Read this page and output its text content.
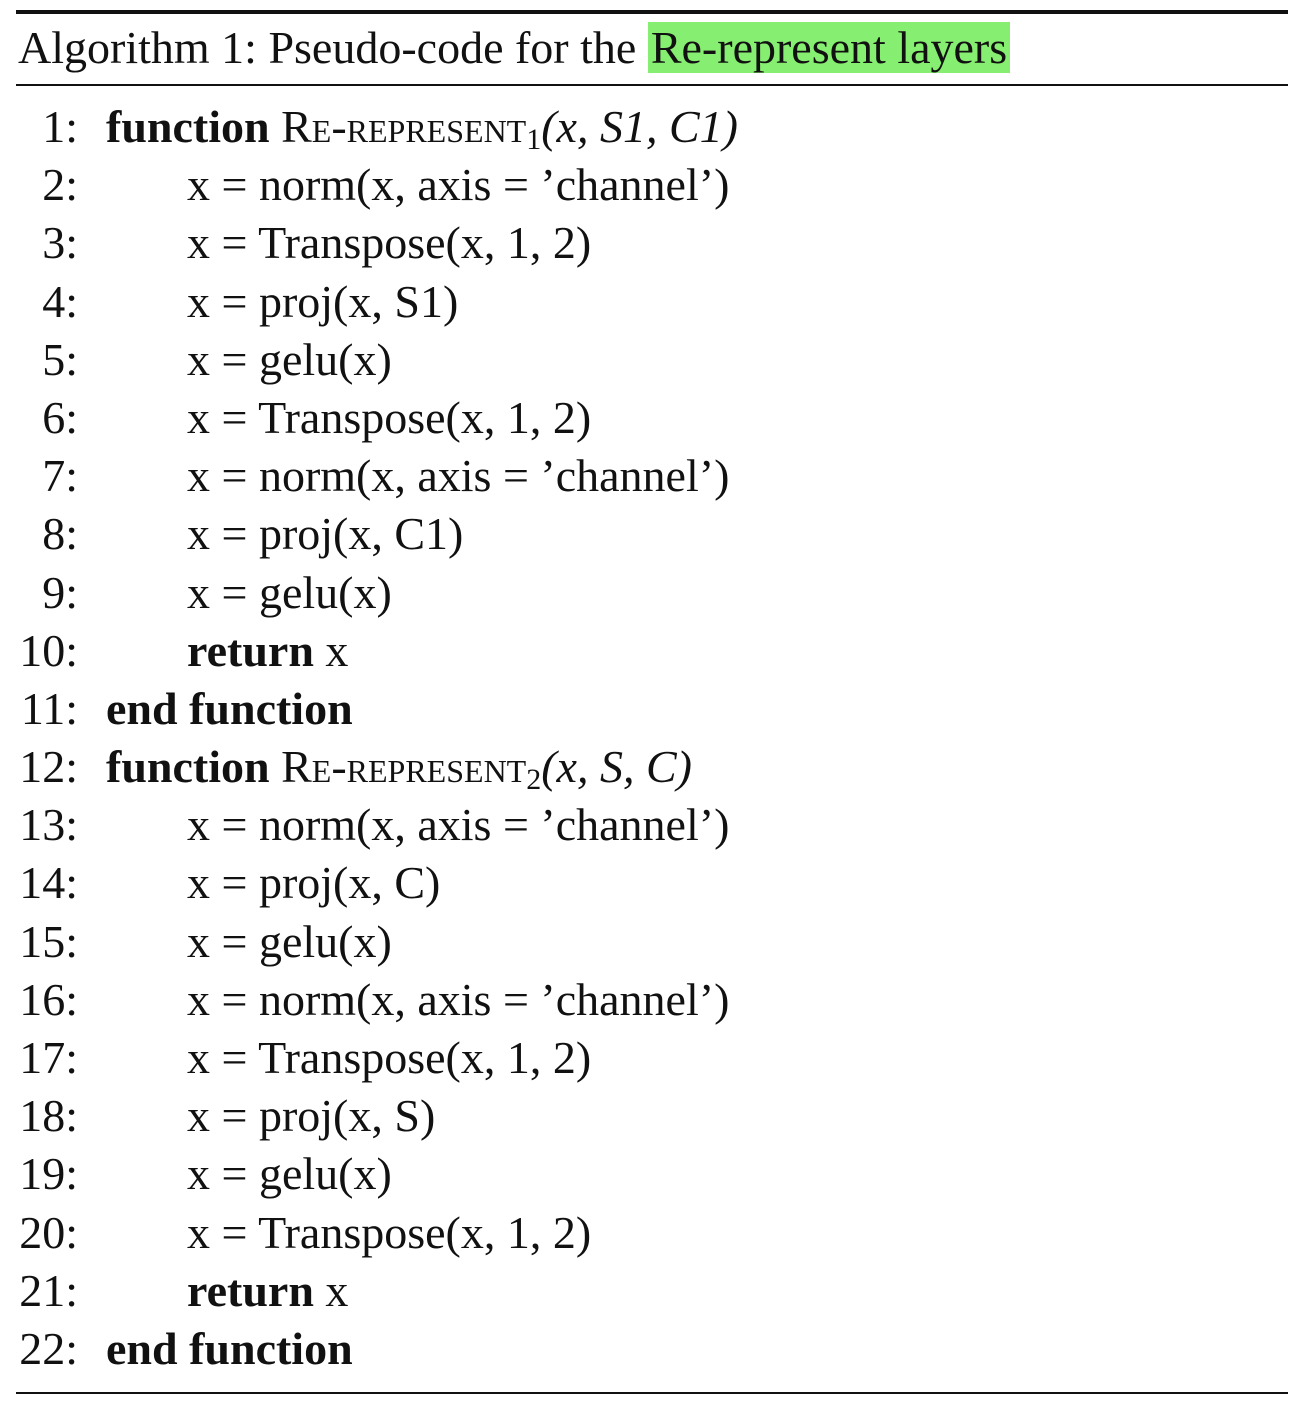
Algorithm 1: Pseudo-code for the Re-represent layers
1: function Re-represent$_1$(x, S1, C1)
2: x = norm(x, axis = ’channel’)
3: x = Transpose(x, 1, 2)
4: x = proj(x, S1)
5: x = gelu(x)
6: x = Transpose(x, 1, 2)
7: x = norm(x, axis = ’channel’)
8: x = proj(x, C1)
9: x = gelu(x)
10: return x
11: end function
12: function Re-represent$_2$(x, S, C)
13: x = norm(x, axis = ’channel’)
14: x = proj(x, C)
15: x = gelu(x)
16: x = norm(x, axis = ’channel’)
17: x = Transpose(x, 1, 2)
18: x = proj(x, S)
19: x = gelu(x)
20: x = Transpose(x, 1, 2)
21: return x
22: end function
